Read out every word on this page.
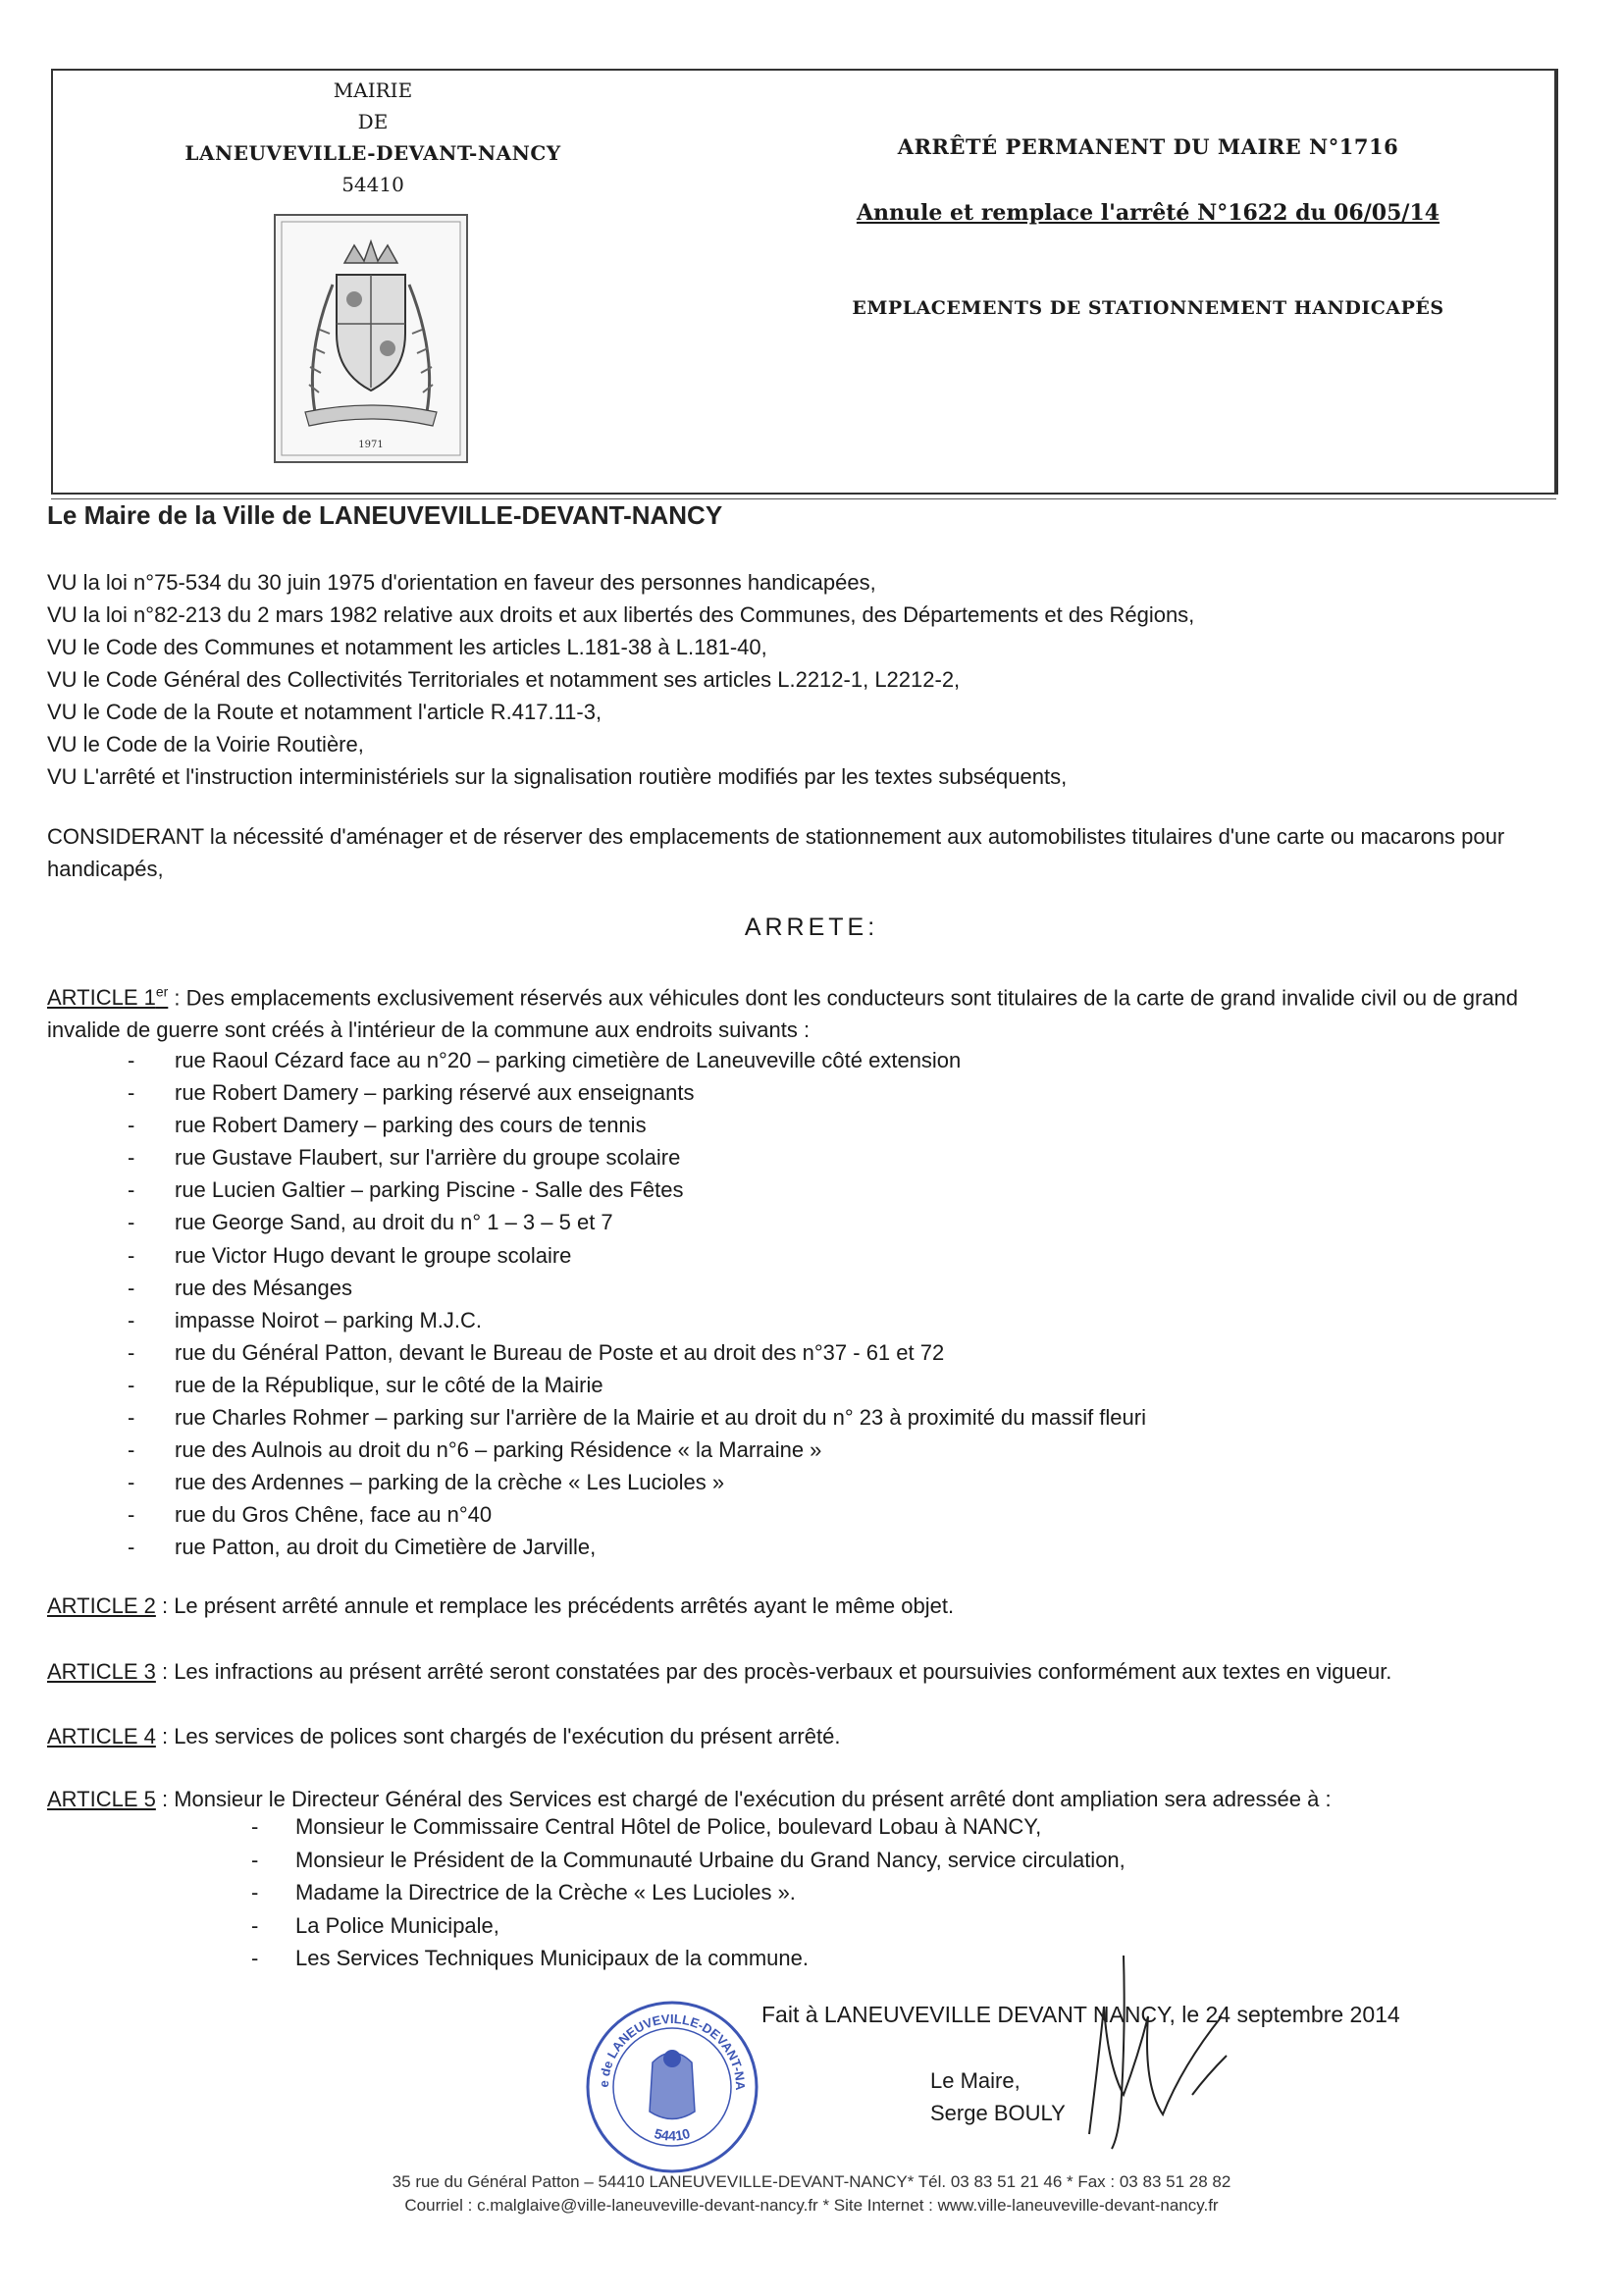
MAIRIE
DE
LANEUVEVILLE-DEVANT-NANCY
54410
1971
ARRÊTÉ PERMANENT DU MAIRE N°1716
Annule et remplace l'arrêté N°1622 du 06/05/14
EMPLACEMENTS DE STATIONNEMENT HANDICAPÉS
Le Maire de la Ville de LANEUVEVILLE-DEVANT-NANCY
VU la loi n°75-534 du 30 juin 1975 d'orientation en faveur des personnes handicapées,
VU la loi n°82-213 du 2 mars 1982 relative aux droits et aux libertés des Communes, des Départements et des Régions,
VU le Code des Communes et notamment les articles L.181-38 à L.181-40,
VU le Code Général des Collectivités Territoriales et notamment ses articles L.2212-1, L2212-2,
VU le Code de la Route et notamment l'article R.417.11-3,
VU le Code de la Voirie Routière,
VU L'arrêté et l'instruction interministériels sur la signalisation routière modifiés par les textes subséquents,
CONSIDERANT la nécessité d'aménager et de réserver des emplacements de stationnement aux automobilistes titulaires d'une carte ou macarons pour handicapés,
ARRETE:
ARTICLE 1er : Des emplacements exclusivement réservés aux véhicules dont les conducteurs sont titulaires de la carte de grand invalide civil ou de grand invalide de guerre sont créés à l'intérieur de la commune aux endroits suivants :
- rue Raoul Cézard face au n°20 – parking cimetière de Laneuveville côté extension
- rue Robert Damery – parking réservé aux enseignants
- rue Robert Damery – parking des cours de tennis
- rue Gustave Flaubert, sur l'arrière du groupe scolaire
- rue Lucien Galtier – parking Piscine - Salle des Fêtes
- rue George Sand, au droit du n° 1 – 3 – 5 et 7
- rue Victor Hugo devant le groupe scolaire
- rue des Mésanges
- impasse Noirot – parking M.J.C.
- rue du Général Patton, devant le Bureau de Poste et au droit des n°37 - 61 et 72
- rue de la République, sur le côté de la Mairie
- rue Charles Rohmer – parking sur l'arrière de la Mairie et au droit du n° 23 à proximité du massif fleuri
- rue des Aulnois au droit du n°6 – parking Résidence « la Marraine »
- rue des Ardennes – parking de la crèche « Les Lucioles »
- rue du Gros Chêne, face au n°40
- rue Patton, au droit du Cimetière de Jarville,
ARTICLE 2 : Le présent arrêté annule et remplace les précédents arrêtés ayant le même objet.
ARTICLE 3 : Les infractions au présent arrêté seront constatées par des procès-verbaux et poursuivies conformément aux textes en vigueur.
ARTICLE 4 : Les services de polices sont chargés de l'exécution du présent arrêté.
ARTICLE 5 : Monsieur le Directeur Général des Services est chargé de l'exécution du présent arrêté dont ampliation sera adressée à :
- Monsieur le Commissaire Central Hôtel de Police, boulevard Lobau à NANCY,
- Monsieur le Président de la Communauté Urbaine du Grand Nancy, service circulation,
- Madame la Directrice de la Crèche « Les Lucioles ».
- La Police Municipale,
- Les Services Techniques Municipaux de la commune.
e de LANEUVEVILLE-DEVANT-NA
54410
Fait à LANEUVEVILLE DEVANT NANCY, le 24 septembre 2014
Le Maire,
Serge BOULY
35 rue du Général Patton – 54410 LANEUVEVILLE-DEVANT-NANCY* Tél. 03 83 51 21 46 * Fax : 03 83 51 28 82
Courriel : c.malglaive@ville-laneuveville-devant-nancy.fr * Site Internet : www.ville-laneuveville-devant-nancy.fr
